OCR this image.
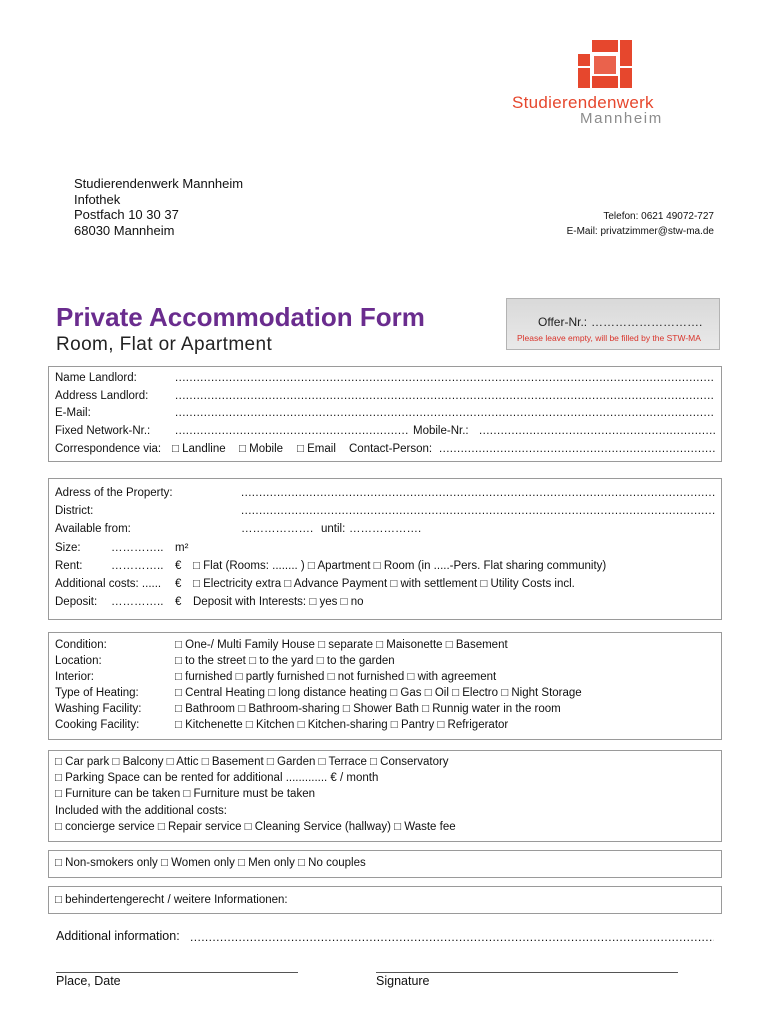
Studierendenwerk
Mannheim
Studierendenwerk Mannheim
Infothek
Postfach 10 30 37
68030 Mannheim
Telefon: 0621 49072-727
E-Mail: privatzimmer@stw-ma.de
Private Accommodation Form
Room, Flat or Apartment
Offer-Nr.: ……………………….
Please leave empty, will be filled by the STW-MA
Name Landlord:
.....
Address Landlord:
.....
E-Mail:
.....
Fixed Network-Nr.:
.....	Mobile-Nr.:
.....
Correspondence via: □ Landline □ Mobile □ Email Contact-Person:
.....
Adress of the Property:
.....
District:
.....
Available from:	………………. until: ……………….
Size:	………….. m²
Rent: ………….. € □ Flat (Rooms: ........ ) □ Apartment □ Room (in .....-Pers. Flat sharing community)
Additional costs: ...... € □ Electricity extra □ Advance Payment □ with settlement □ Utility Costs incl.
Deposit: ………….. € Deposit with Interests: □ yes □ no
Condition:	□ One-/ Multi Family House □ separate □ Maisonette □ Basement
Location:	□ to the street □ to the yard □ to the garden
Interior:	□ furnished □ partly furnished □ not furnished □ with agreement
Type of Heating:	□ Central Heating □ long distance heating □ Gas □ Oil □ Electro □ Night Storage
Washing Facility:	□ Bathroom □ Bathroom-sharing □ Shower Bath □ Runnig water in the room
Cooking Facility:	□ Kitchenette □ Kitchen □ Kitchen-sharing □ Pantry □ Refrigerator
□ Car park □ Balcony □ Attic □ Basement □ Garden □ Terrace □ Conservatory
□ Parking Space can be rented for additional ............. € / month
□ Furniture can be taken □ Furniture must be taken
Included with the additional costs:
□ concierge service □ Repair service □ Cleaning Service (hallway) □ Waste fee
□ Non-smokers only □ Women only □ Men only □ No couples
□ behindertengerecht / weitere Informationen:
Additional information:
.....
Place, Date	Signature
